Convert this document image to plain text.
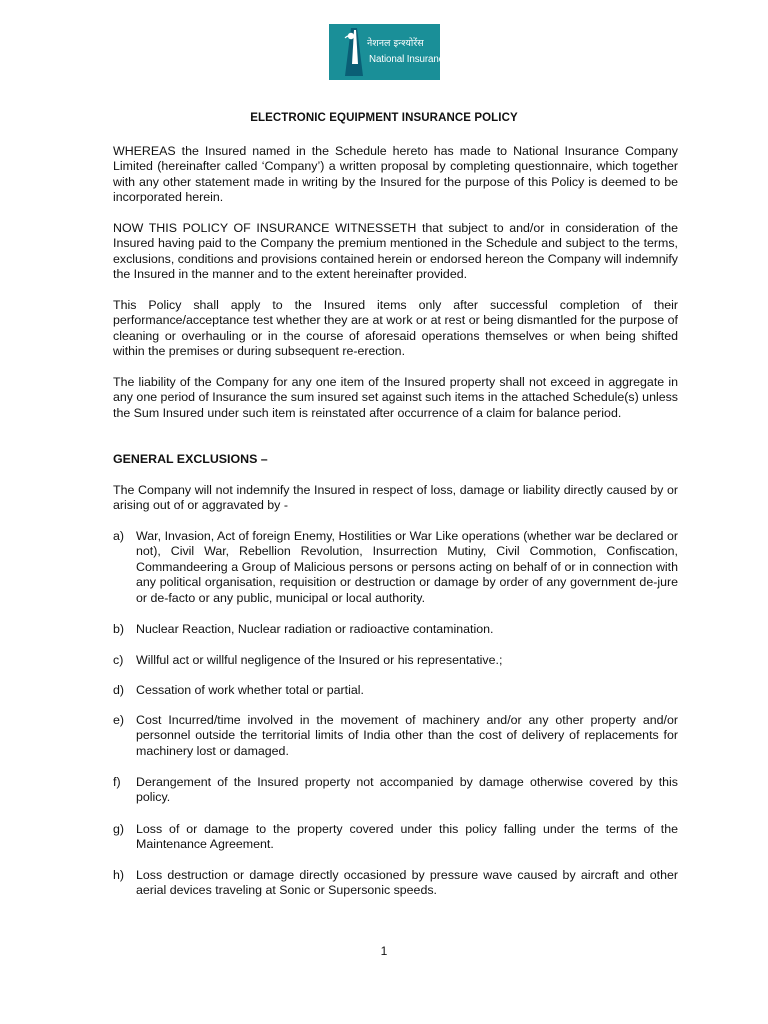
नेशनल इन्श्योरेंस
National Insurance
ELECTRONIC EQUIPMENT INSURANCE POLICY

WHEREAS the Insured named in the Schedule hereto has made to National Insurance Company Limited (hereinafter called ‘Company’) a written proposal by completing questionnaire, which together with any other statement made in writing by the Insured for the purpose of this Policy is deemed to be incorporated herein.

NOW THIS POLICY OF INSURANCE WITNESSETH that subject to and/or in consideration of the Insured having paid to the Company the premium mentioned in the Schedule and subject to the terms, exclusions, conditions and provisions contained herein or endorsed hereon the Company will indemnify the Insured in the manner and to the extent hereinafter provided.

This Policy shall apply to the Insured items only after successful completion of their performance/acceptance test whether they are at work or at rest or being dismantled for the purpose of cleaning or overhauling or in the course of aforesaid operations themselves or when being shifted within the premises or during subsequent re-erection.

The liability of the Company for any one item of the Insured property shall not exceed in aggregate in any one period of Insurance the sum insured set against such items in the attached Schedule(s) unless the Sum Insured under such item is reinstated after occurrence of a claim for balance period.

GENERAL EXCLUSIONS –

The Company will not indemnify the Insured in respect of loss, damage or liability directly caused by or arising out of or aggravated by -

a) War, Invasion, Act of foreign Enemy, Hostilities or War Like operations (whether war be declared or not), Civil War, Rebellion Revolution, Insurrection Mutiny, Civil Commotion, Confiscation, Commandeering a Group of Malicious persons or persons acting on behalf of or in connection with any political organisation, requisition or destruction or damage by order of any government de-jure or de-facto or any public, municipal or local authority.
b) Nuclear Reaction, Nuclear radiation or radioactive contamination.
c)	Willful act or willful negligence of the Insured or his representative.;
d) Cessation of work whether total or partial.
e) Cost Incurred/time involved in the movement of machinery and/or any other property and/or personnel outside the territorial limits of India other than the cost of delivery of replacements for machinery lost or damaged.
f)	Derangement of the Insured property not accompanied by damage otherwise covered by this policy.
g) Loss of or damage to the property covered under this policy falling under the terms of the Maintenance Agreement.
h) Loss destruction or damage directly occasioned by pressure wave caused by aircraft and other aerial devices traveling at Sonic or Supersonic speeds.
1
